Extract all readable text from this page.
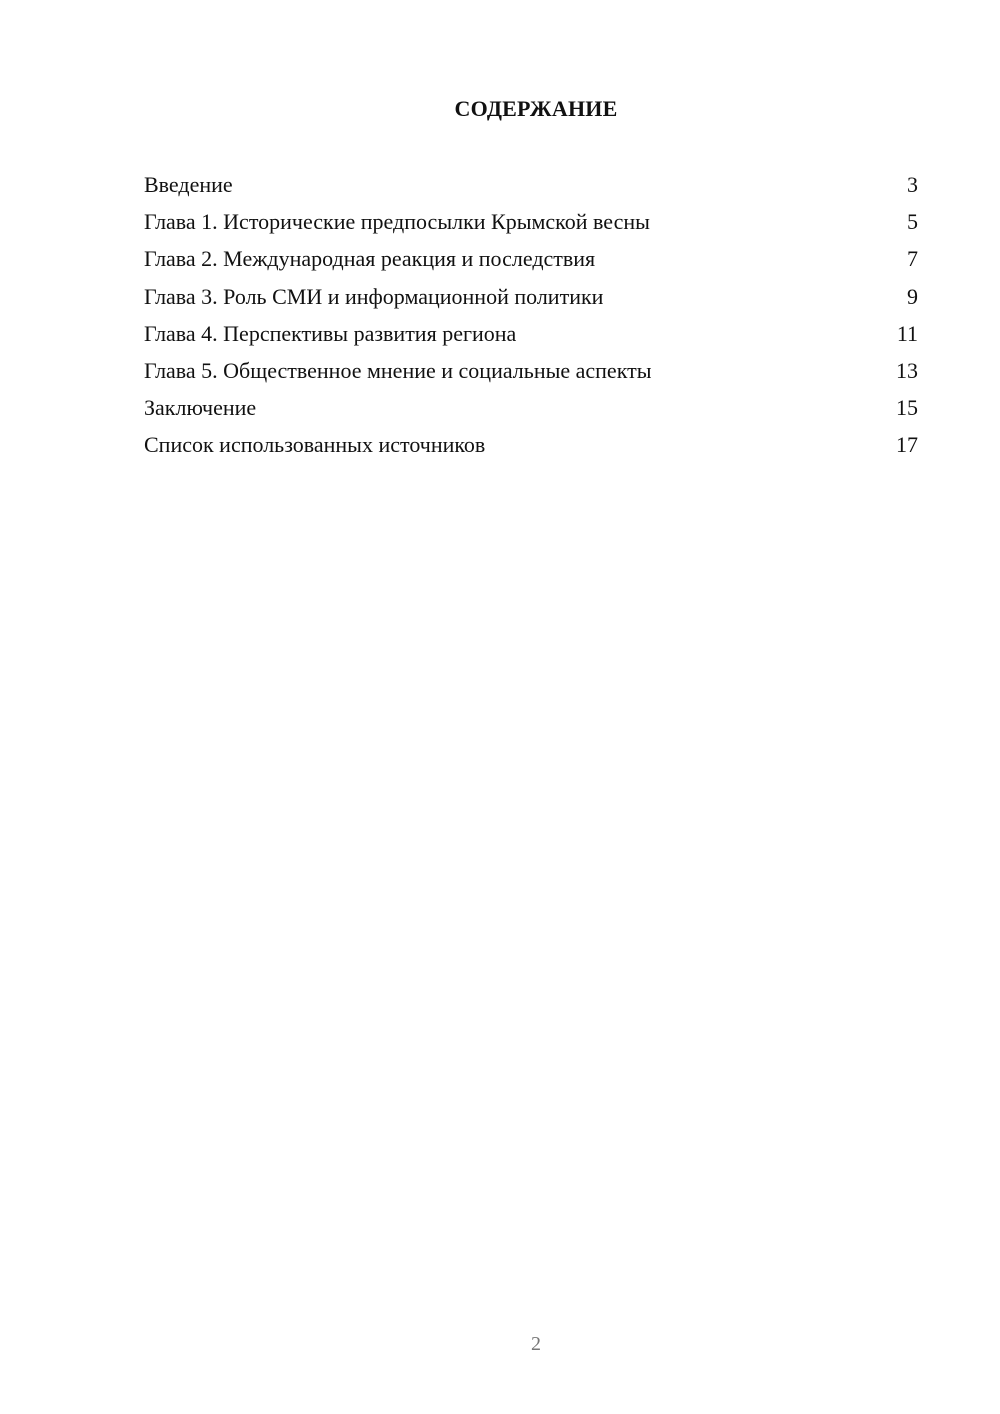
СОДЕРЖАНИЕ
Введение	3
Глава 1. Исторические предпосылки Крымской весны	5
Глава 2. Международная реакция и последствия	7
Глава 3. Роль СМИ и информационной политики	9
Глава 4. Перспективы развития региона	11
Глава 5. Общественное мнение и социальные аспекты	13
Заключение	15
Список использованных источников	17
2
